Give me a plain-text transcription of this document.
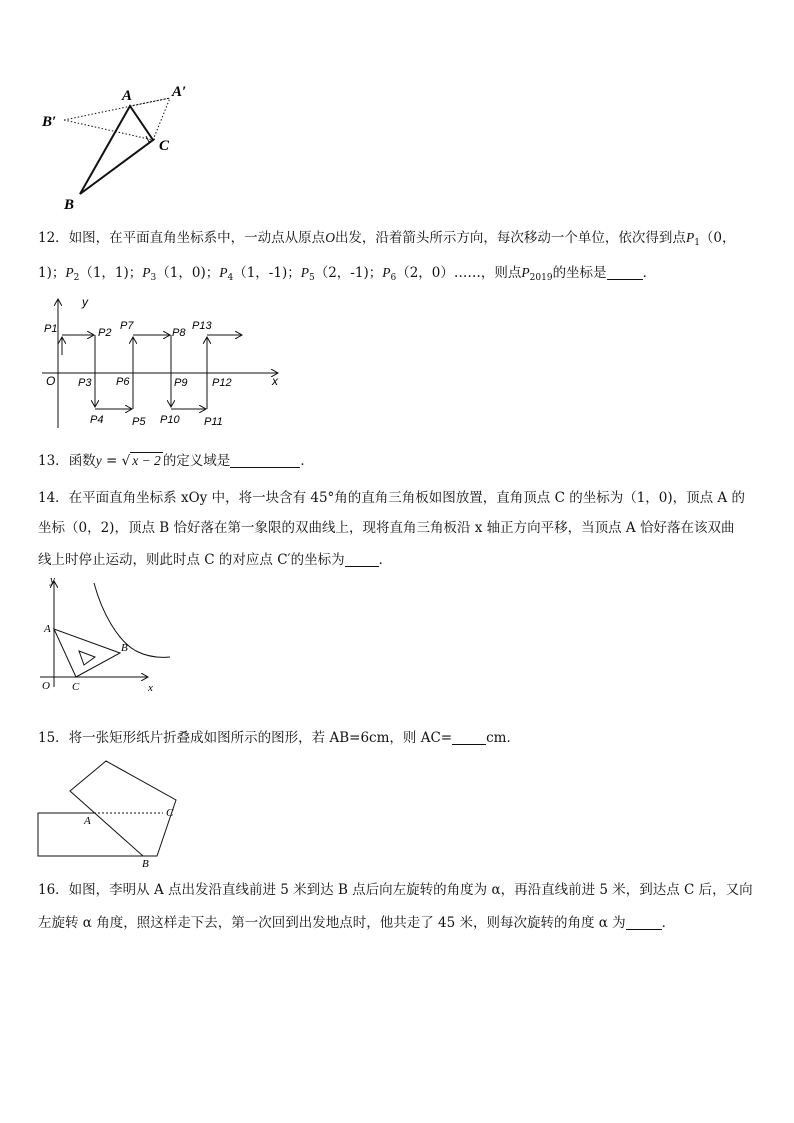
A	A′
B′
C
B
12．如图，在平面直角坐标系中，一动点从原点O出发，沿着箭头所示方向，每次移动一个单位，依次得到点$P_1(0$，
1)；$P_2(1$，1)；$P_3(1$，0)；$P_4(1$，-1)；$P_5(2$，-1)；$P_6(2$，0）……，则点$P_{2019}$的坐标是	．
y
x
O
P1	P2
P7
P8
P13
P3 P6	P9 P12
P4	P5 P10 P11
13．函数y = √ x − 2 的定义域是	．
14．在平面直角坐标系 xOy 中，将一块含有 45°角的直角三角板如图放置，直角顶点 C 的坐标为（1，0)，顶点 A 的
坐标（0，2)，顶点 B 恰好落在第一象限的双曲线上，现将直角三角板沿 x 轴正方向平移，当顶点 A 恰好落在该双曲
线上时停止运动，则此时点 C 的对应点 C′的坐标为	．
y
A
B
O C	x
15．将一张矩形纸片折叠成如图所示的图形，若 AB=6cm，则 AC=	cm．
A
C
B
16．如图，李明从 A 点出发沿直线前进 5 米到达 B 点后向左旋转的角度为 α，再沿直线前进 5 米，到达点 C 后，又向
左旋转 α 角度，照这样走下去，第一次回到出发地点时，他共走了 45 米，则每次旋转的角度 α 为	．
